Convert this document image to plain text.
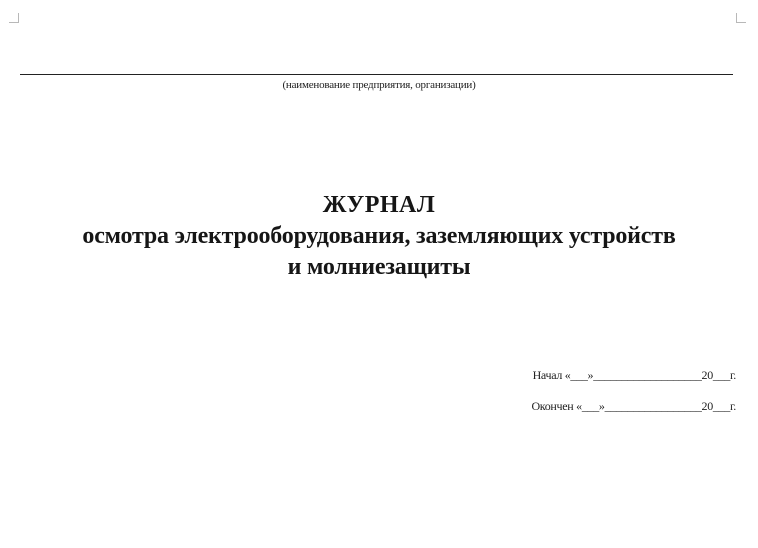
(наименование предприятия, организации)
ЖУРНАЛ
осмотра электрооборудования, заземляющих устройств
и молниезащиты
Начал «___»___________________20___г.
Окончен «___»_________________20___г.
